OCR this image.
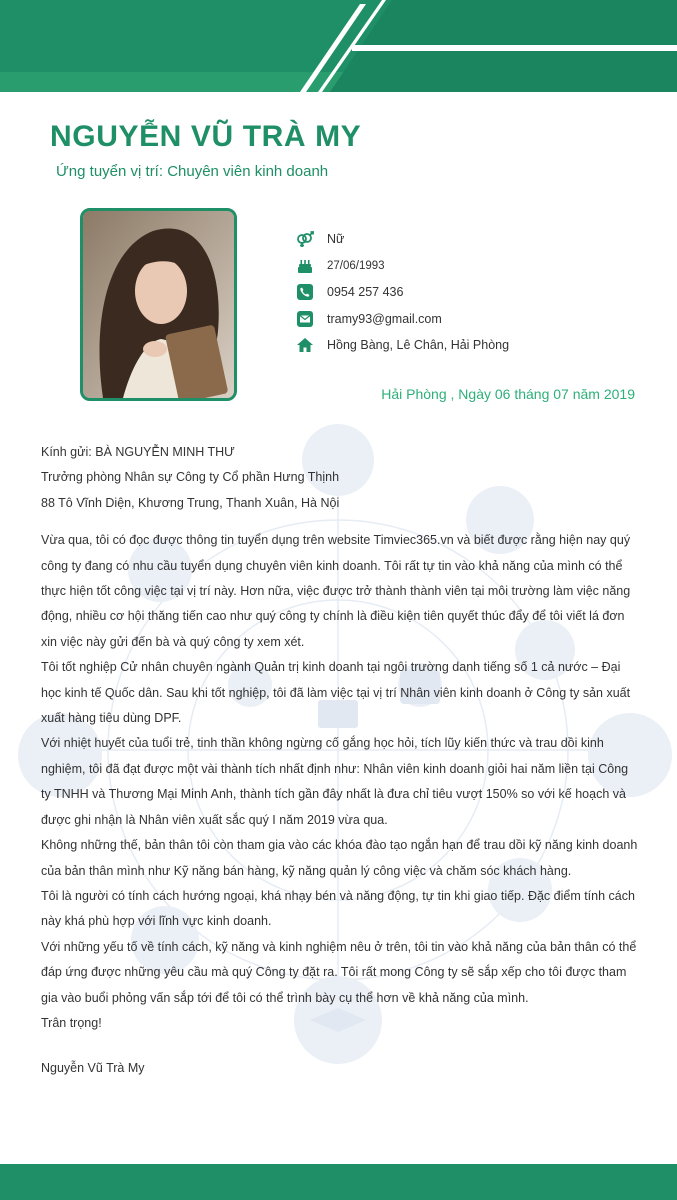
NGUYỄN VŨ TRÀ MY
Ứng tuyển vị trí: Chuyên viên kinh doanh
Nữ
27/06/1993
0954 257 436
tramy93@gmail.com
Hồng Bàng, Lê Chân, Hải Phòng
Hải Phòng , Ngày 06 tháng 07 năm 2019

Kính gửi: BÀ NGUYỄN MINH THƯ

Trưởng phòng Nhân sự Công ty Cổ phần Hưng Thịnh

88 Tô Vĩnh Diện, Khương Trung, Thanh Xuân, Hà Nội

Vừa qua, tôi có đọc được thông tin tuyển dụng trên website Timviec365.vn và biết được rằng hiện nay quý công ty đang có nhu cầu tuyển dụng chuyên viên kinh doanh. Tôi rất tự tin vào khả năng của mình có thể thực hiện tốt công việc tại vị trí này. Hơn nữa, việc được trở thành thành viên tại môi trường làm việc năng động, nhiều cơ hội thăng tiến cao như quý công ty chính là điều kiện tiên quyết thúc đẩy để tôi viết lá đơn xin việc này gửi đến bà và quý công ty xem xét.

Tôi tốt nghiệp Cử nhân chuyên ngành Quản trị kinh doanh tại ngôi trường danh tiếng số 1 cả nước – Đại học kinh tế Quốc dân. Sau khi tốt nghiệp, tôi đã làm việc tại vị trí Nhân viên kinh doanh ở Công ty sản xuất xuất hàng tiêu dùng DPF.

Với nhiệt huyết của tuổi trẻ, tinh thần không ngừng cố gắng học hỏi, tích lũy kiến thức và trau dồi kinh nghiệm, tôi đã đạt được một vài thành tích nhất định như: Nhân viên kinh doanh giỏi hai năm liền tại Công ty TNHH và Thương Mại Minh Anh, thành tích gần đây nhất là đưa chỉ tiêu vượt 150% so với kế hoạch và được ghi nhận là Nhân viên xuất sắc quý I năm 2019 vừa qua.

Không những thế, bản thân tôi còn tham gia vào các khóa đào tạo ngắn hạn để trau dồi kỹ năng kinh doanh của bản thân mình như Kỹ năng bán hàng, kỹ năng quản lý công việc và chăm sóc khách hàng.

Tôi là người có tính cách hướng ngoại, khá nhạy bén và năng động, tự tin khi giao tiếp. Đặc điểm tính cách này khá phù hợp với lĩnh vực kinh doanh.

Với những yếu tố về tính cách, kỹ năng và kinh nghiệm nêu ở trên, tôi tin vào khả năng của bản thân có thể đáp ứng được những yêu cầu mà quý Công ty đặt ra. Tôi rất mong Công ty sẽ sắp xếp cho tôi được tham gia vào buổi phỏng vấn sắp tới để tôi có thể trình bày cụ thể hơn về khả năng của mình.

Trân trọng!

Nguyễn Vũ Trà My
